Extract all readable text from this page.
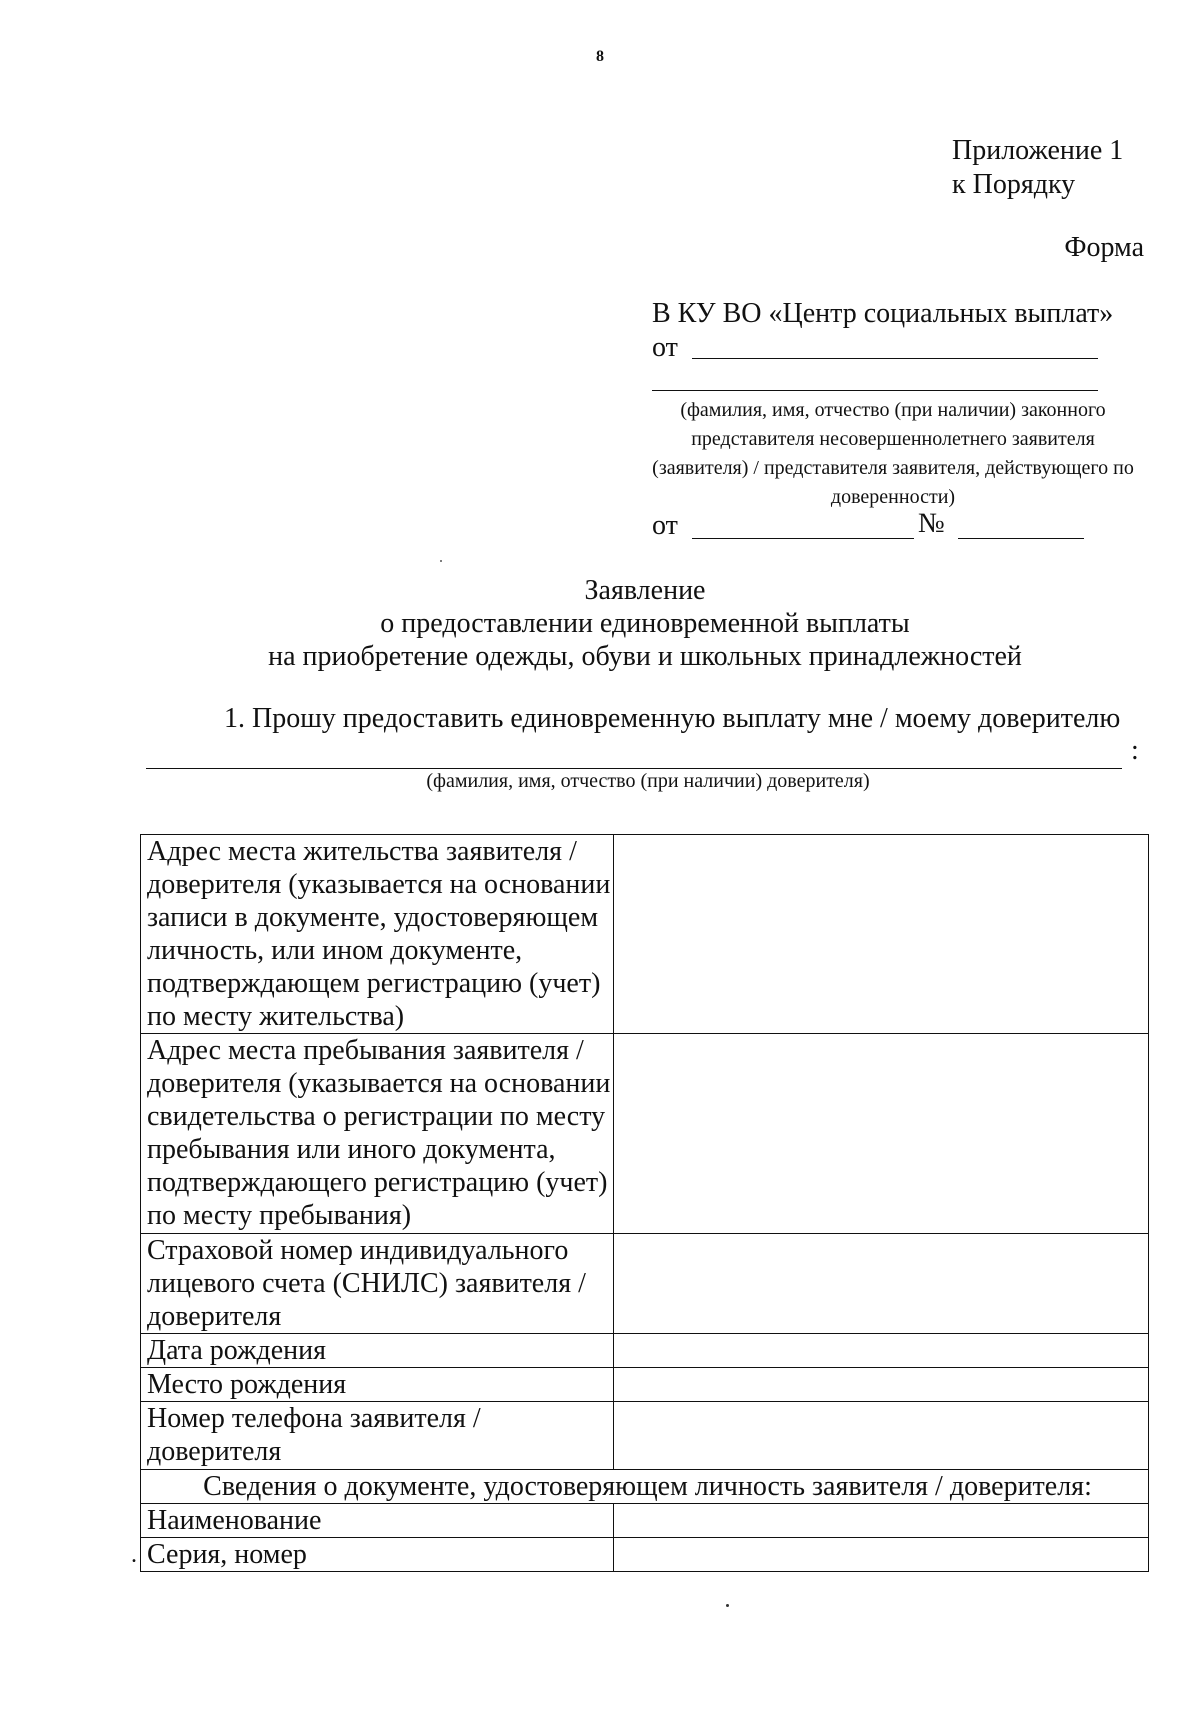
8
Приложение 1
к Порядку
Форма
В КУ ВО «Центр социальных выплат»
от
(фамилия, имя, отчество (при наличии) законного представителя несовершеннолетнего заявителя (заявителя) / представителя заявителя, действующего по доверенности)
от	№
Заявление
о предоставлении единовременной выплаты
на приобретение одежды, обуви и школьных принадлежностей
1. Прошу предоставить единовременную выплату мне / моему доверителю
:
(фамилия, имя, отчество (при наличии) доверителя)
Адрес места жительства заявителя / доверителя (указывается на основании записи в документе, удостоверяющем личность, или ином документе, подтверждающем регистрацию (учет) по месту жительства)	
Адрес места пребывания заявителя / доверителя (указывается на основании свидетельства о регистрации по месту пребывания или иного документа, подтверждающего регистрацию (учет) по месту пребывания)	
Страховой номер индивидуального лицевого счета (СНИЛС) заявителя / доверителя	
Дата рождения	
Место рождения	
Номер телефона заявителя / доверителя	
Сведения о документе, удостоверяющем личность заявителя / доверителя:	
Наименование	
Серия, номер	
.
